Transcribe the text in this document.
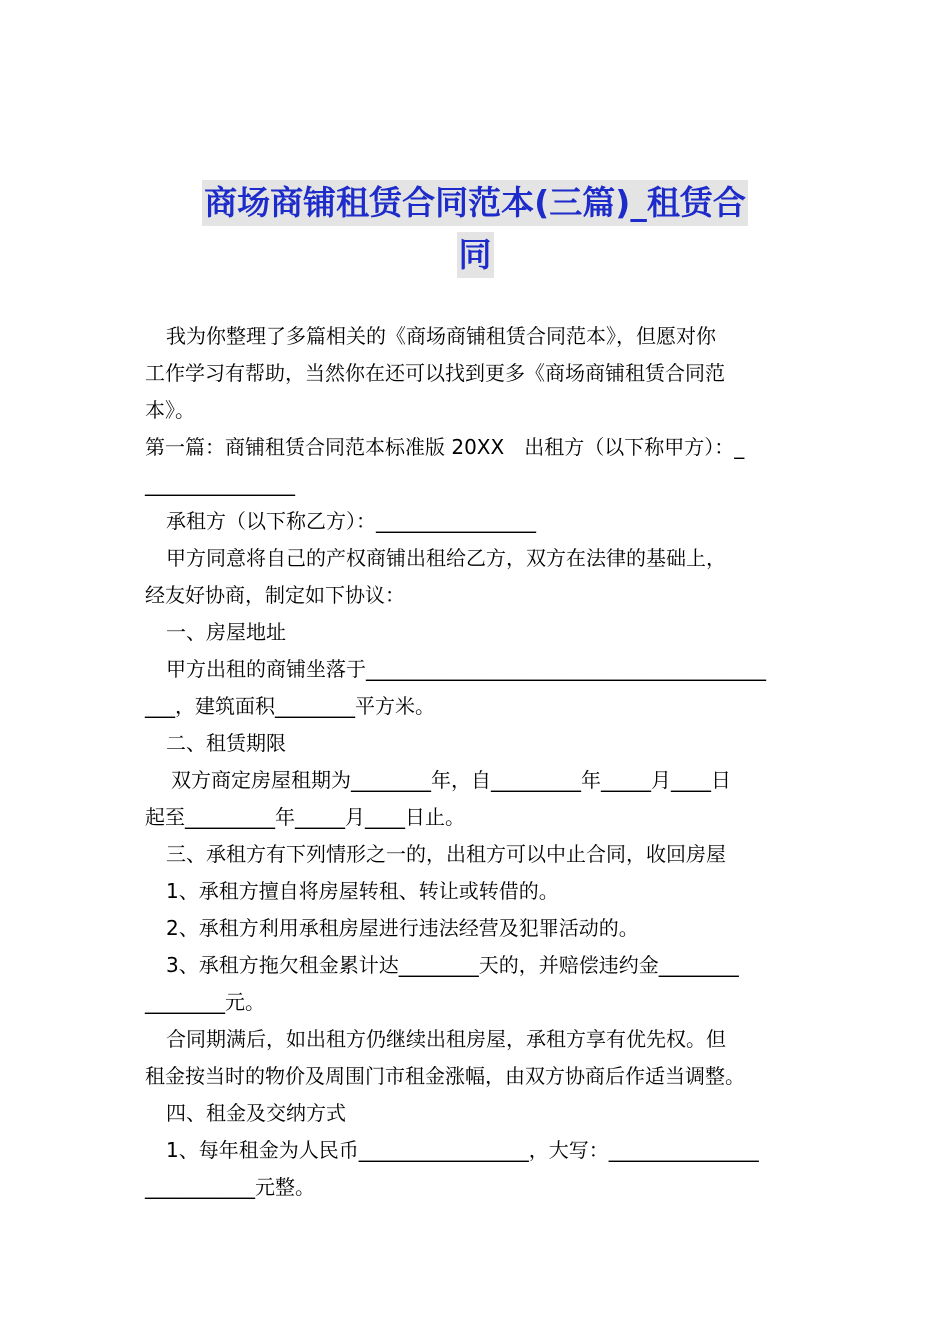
商场商铺租赁合同范本(三篇)_租赁合
同

我为你整理了多篇相关的《商场商铺租赁合同范本》，但愿对你

工作学习有帮助，当然你在还可以找到更多《商场商铺租赁合同范

本》。

第一篇：商铺租赁合同范本标准版 20XX　出租方（以下称甲方）：_

_______________

承租方（以下称乙方）：________________

甲方同意将自己的产权商铺出租给乙方，双方在法律的基础上，

经友好协商，制定如下协议：

一、房屋地址

甲方出租的商铺坐落于________________________________________

___，建筑面积________平方米。

二、租赁期限

双方商定房屋租期为________年，自_________年_____月____日

起至_________年_____月____日止。

三、承租方有下列情形之一的，出租方可以中止合同，收回房屋

1、承租方擅自将房屋转租、转让或转借的。

2、承租方利用承租房屋进行违法经营及犯罪活动的。

3、承租方拖欠租金累计达________天的，并赔偿违约金________

________元。

合同期满后，如出租方仍继续出租房屋，承租方享有优先权。但

租金按当时的物价及周围门市租金涨幅，由双方协商后作适当调整。

四、租金及交纳方式

1、每年租金为人民币_________________，大写：_______________

___________元整。
